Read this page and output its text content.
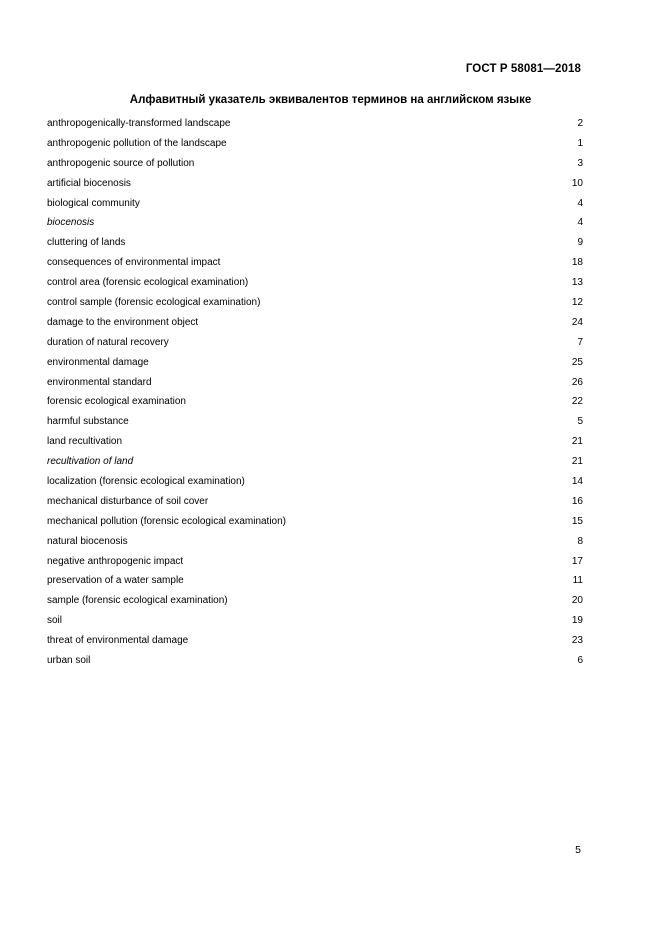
ГОСТ Р 58081—2018
Алфавитный указатель эквивалентов терминов на английском языке
anthropogenically-transformed landscape	2
anthropogenic pollution of the landscape	1
anthropogenic source of pollution	3
artificial biocenosis	10
biological community	4
biocenosis	4
cluttering of lands	9
consequences of environmental impact	18
control area (forensic ecological examination)	13
control sample (forensic ecological examination)	12
damage to the environment object	24
duration of natural recovery	7
environmental damage	25
environmental standard	26
forensic ecological examination	22
harmful substance	5
land recultivation	21
recultivation of land	21
localization (forensic ecological examination)	14
mechanical disturbance of soil cover	16
mechanical pollution (forensic ecological examination)	15
natural biocenosis	8
negative anthropogenic impact	17
preservation of a water sample	11
sample (forensic ecological examination)	20
soil	19
threat of environmental damage	23
urban soil	6
5
